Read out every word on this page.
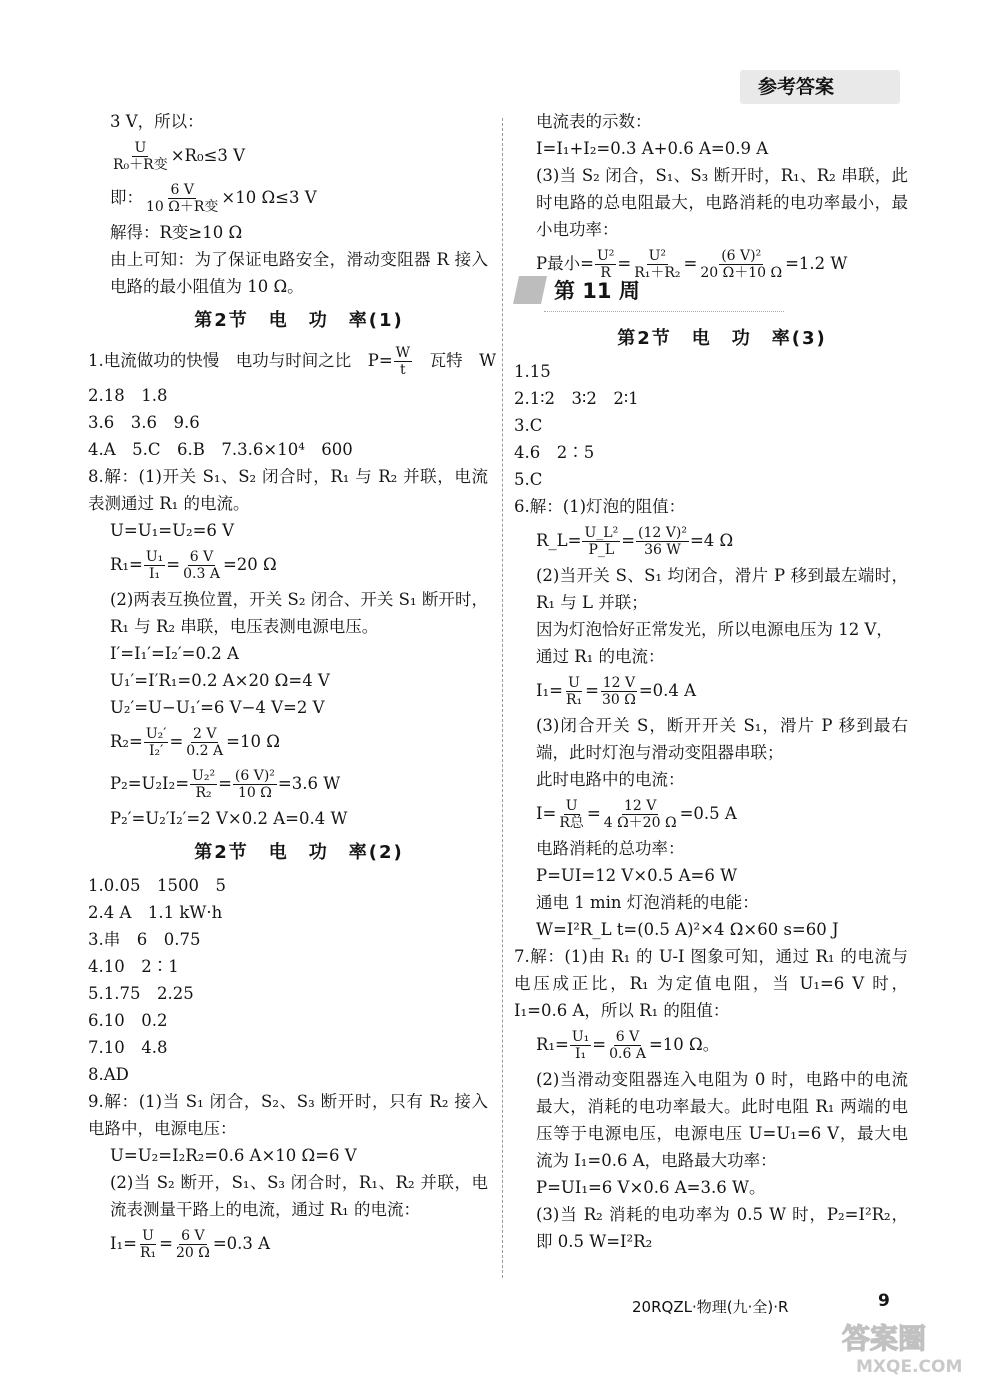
参考答案
3 V，所以：
$\frac{U}{\text{R₀＋R变}} \times R_0\le 3$ V
即： $\frac{6 V}{\text{10 Ω＋R变}} \times 10$ Ω≤3 V
解得：R变≥10 Ω
由上可知：为了保证电路安全，滑动变阻器 R 接入电路的最小阻值为 10 Ω。
第2节　电　功　率(1)
1.电流做功的快慢　电功与时间之比　$P= \frac{W}{t}$ 　瓦特　W
2.18　1.8
3.6　3.6　9.6
4.A　5.C　6.B　7.3.6×10⁴　600
8.解：(1)开关 S₁、S₂ 闭合时，R₁ 与 R₂ 并联，电流表测通过 R₁ 的电流。
U=U₁=U₂=6 V
$R_1= \frac{\text{U₁}}{\text{I₁}} = \frac{6 V}{0.3 A} =20$ Ω
(2)两表互换位置，开关 S₂ 闭合、开关 S₁ 断开时，R₁ 与 R₂ 串联，电压表测电源电压。
I′=I₁′=I₂′=0.2 A
U₁′=I′R₁=0.2 A×20 Ω=4 V
U₂′=U−U₁′=6 V−4 V=2 V
$R_2= \frac{\text{U₂′}}{\text{I₂′}} = \frac{2 V}{0.2 A} =10$ Ω
$P_2=U_2I_2= \frac{\text{U₂²}}{\text{R₂}} = \frac{\text{(6 V)²}}{10 \Omega} =3.6$ W
P₂′=U₂′I₂′=2 V×0.2 A=0.4 W
第2节　电　功　率(2)
1.0.05　1500　5
2.4 A　1.1 kW·h
3.串　6　0.75
4.10　2∶1
5.1.75　2.25
6.10　0.2
7.10　4.8
8.AD
9.解：(1)当 S₁ 闭合，S₂、S₃ 断开时，只有 R₂ 接入电路中，电源电压：
U=U₂=I₂R₂=0.6 A×10 Ω=6 V
(2)当 S₂ 断开，S₁、S₃ 闭合时，R₁、R₂ 并联，电流表测量干路上的电流，通过 R₁ 的电流：
$I_1= \frac{U}{\text{R₁}} = \frac{6 V}{20 \Omega} =0.3$ A
电流表的示数：
I=I₁+I₂=0.3 A+0.6 A=0.9 A
(3)当 S₂ 闭合，S₁、S₃ 断开时，R₁、R₂ 串联，此时电路的总电阻最大，电路消耗的电功率最小，最小电功率：
P最小= $\frac{\text{U²}}{R} = \frac{\text{U²}}{\text{R₁＋R₂}} = \frac{\text{(6 V)²}}{20 \Omega+10 \Omega} =1.2$ W
第 11 周
第2节　电　功　率(3)
1.15
2.1∶2　3∶2　2∶1
3.C
4.6　2∶5
5.C
6.解：(1)灯泡的阻值：
R_L= $\frac{\text{U\_L²}}{P\_L} = \frac{\text{(12 V)²}}{36 W} =4$ Ω
(2)当开关 S、S₁ 均闭合，滑片 P 移到最左端时，R₁ 与 L 并联；
因为灯泡恰好正常发光，所以电源电压为 12 V，
通过 R₁ 的电流：
$I_1= \frac{U}{\text{R₁}} = \frac{12 V}{30 \Omega} =0.4$ A
(3)闭合开关 S，断开开关 S₁，滑片 P 移到最右端，此时灯泡与滑动变阻器串联；
此时电路中的电流：
$I= \frac{U}{\text{R总}} = \frac{12 V}{4 \Omega+20 \Omega} =0.5$ A
电路消耗的总功率：
P=UI=12 V×0.5 A=6 W
通电 1 min 灯泡消耗的电能：
W=I²R_L t=(0.5 A)²×4 Ω×60 s=60 J
7.解：(1)由 R₁ 的 U-I 图象可知，通过 R₁ 的电流与电压成正比，R₁ 为定值电阻，当 U₁=6 V 时，I₁=0.6 A，所以 R₁ 的阻值：
$R_1= \frac{\text{U₁}}{\text{I₁}} = \frac{6 V}{0.6 A} =10$ Ω。
(2)当滑动变阻器连入电阻为 0 时，电路中的电流最大，消耗的电功率最大。此时电阻 R₁ 两端的电压等于电源电压，电源电压 U=U₁=6 V，最大电流为 I₁=0.6 A，电路最大功率：
P=UI₁=6 V×0.6 A=3.6 W。
(3)当 R₂ 消耗的电功率为 0.5 W 时，P₂=I²R₂，即 0.5 W=I²R₂
20RQZL·物理(九·全)·R	9
答案圈
MXQE.COM
